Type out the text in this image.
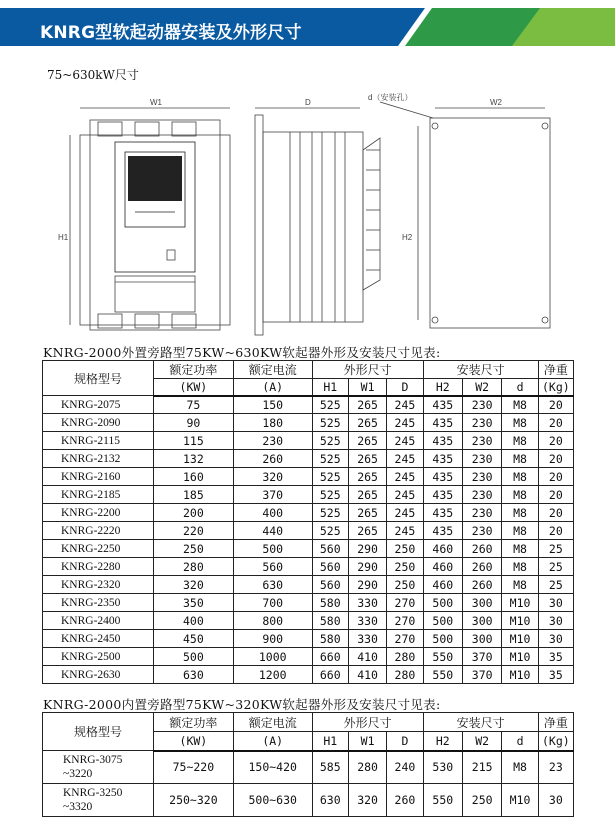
KNRG型软起动器安装及外形尺寸
75~630kW尺寸
W1
H1
D
d（安装孔）
W2
H2
KNRG-2000外置旁路型75KW~630KW软起器外形及安装尺寸见表:
规格型号	额定功率	额定电流	外形尺寸			安装尺寸			净重
	(KW)	(A)	H1	W1	D	H2	W2	d	(Kg)
KNRG-2075	75	150	525	265	245	435	230	M8	20
KNRG-2090	90	180	525	265	245	435	230	M8	20
KNRG-2115	115	230	525	265	245	435	230	M8	20
KNRG-2132	132	260	525	265	245	435	230	M8	20
KNRG-2160	160	320	525	265	245	435	230	M8	20
KNRG-2185	185	370	525	265	245	435	230	M8	20
KNRG-2200	200	400	525	265	245	435	230	M8	20
KNRG-2220	220	440	525	265	245	435	230	M8	20
KNRG-2250	250	500	560	290	250	460	260	M8	25
KNRG-2280	280	560	560	290	250	460	260	M8	25
KNRG-2320	320	630	560	290	250	460	260	M8	25
KNRG-2350	350	700	580	330	270	500	300	M10	30
KNRG-2400	400	800	580	330	270	500	300	M10	30
KNRG-2450	450	900	580	330	270	500	300	M10	30
KNRG-2500	500	1000	660	410	280	550	370	M10	35
KNRG-2630	630	1200	660	410	280	550	370	M10	35
KNRG-2000内置旁路型75KW~320KW软起器外形及安装尺寸见表:
规格型号	额定功率	额定电流	外形尺寸			安装尺寸			净重
	(KW)	(A)	H1	W1	D	H2	W2	d	(Kg)

KNRG-3075
~3220	75~220	150~420	585	280	240	530	215	M8	23

KNRG-3250
~3320	250~320	500~630	630	320	260	550	250	M10	30
